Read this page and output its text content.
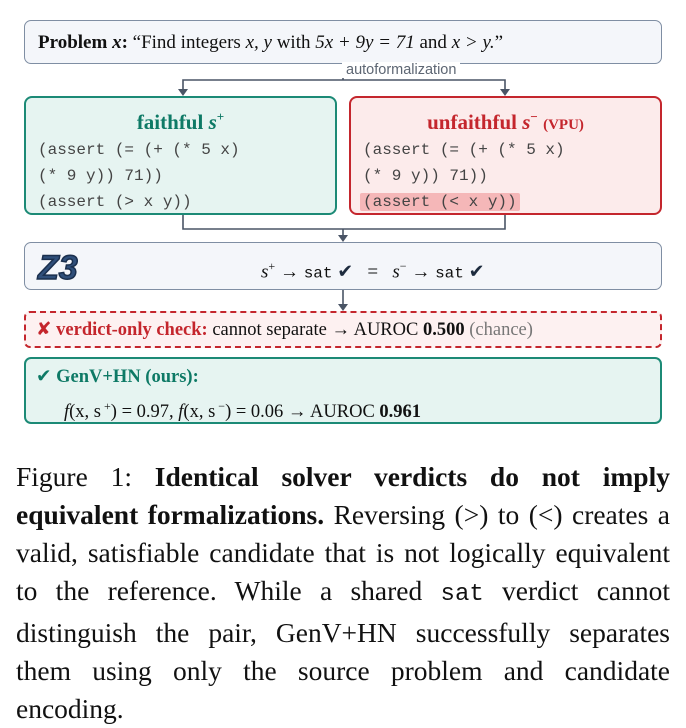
Problem x: “Find integers x, y with 5x + 9y = 71 and x > y.”
autoformalization
faithful s+
(assert (= (+ (* 5 x)
(* 9 y)) 71))
(assert (> x y))
unfaithful s− (VPU)
(assert (= (+ (* 5 x)
(* 9 y)) 71))
(assert (< x y))
Z3	s+ → sat ✔ = s− → sat ✔
✘ verdict-only check: cannot separate → AUROC 0.500 (chance)
✔ GenV+HN (ours):
f(x, s +) = 0.97, f(x, s −) = 0.06 → AUROC 0.961
Figure 1: Identical solver verdicts do not imply equivalent formalizations. Reversing (>) to (<) creates a valid, satisfiable candidate that is not logically equivalent to the reference. While a shared sat verdict cannot distinguish the pair, GenV+HN successfully separates them using only the source problem and candidate encoding.
